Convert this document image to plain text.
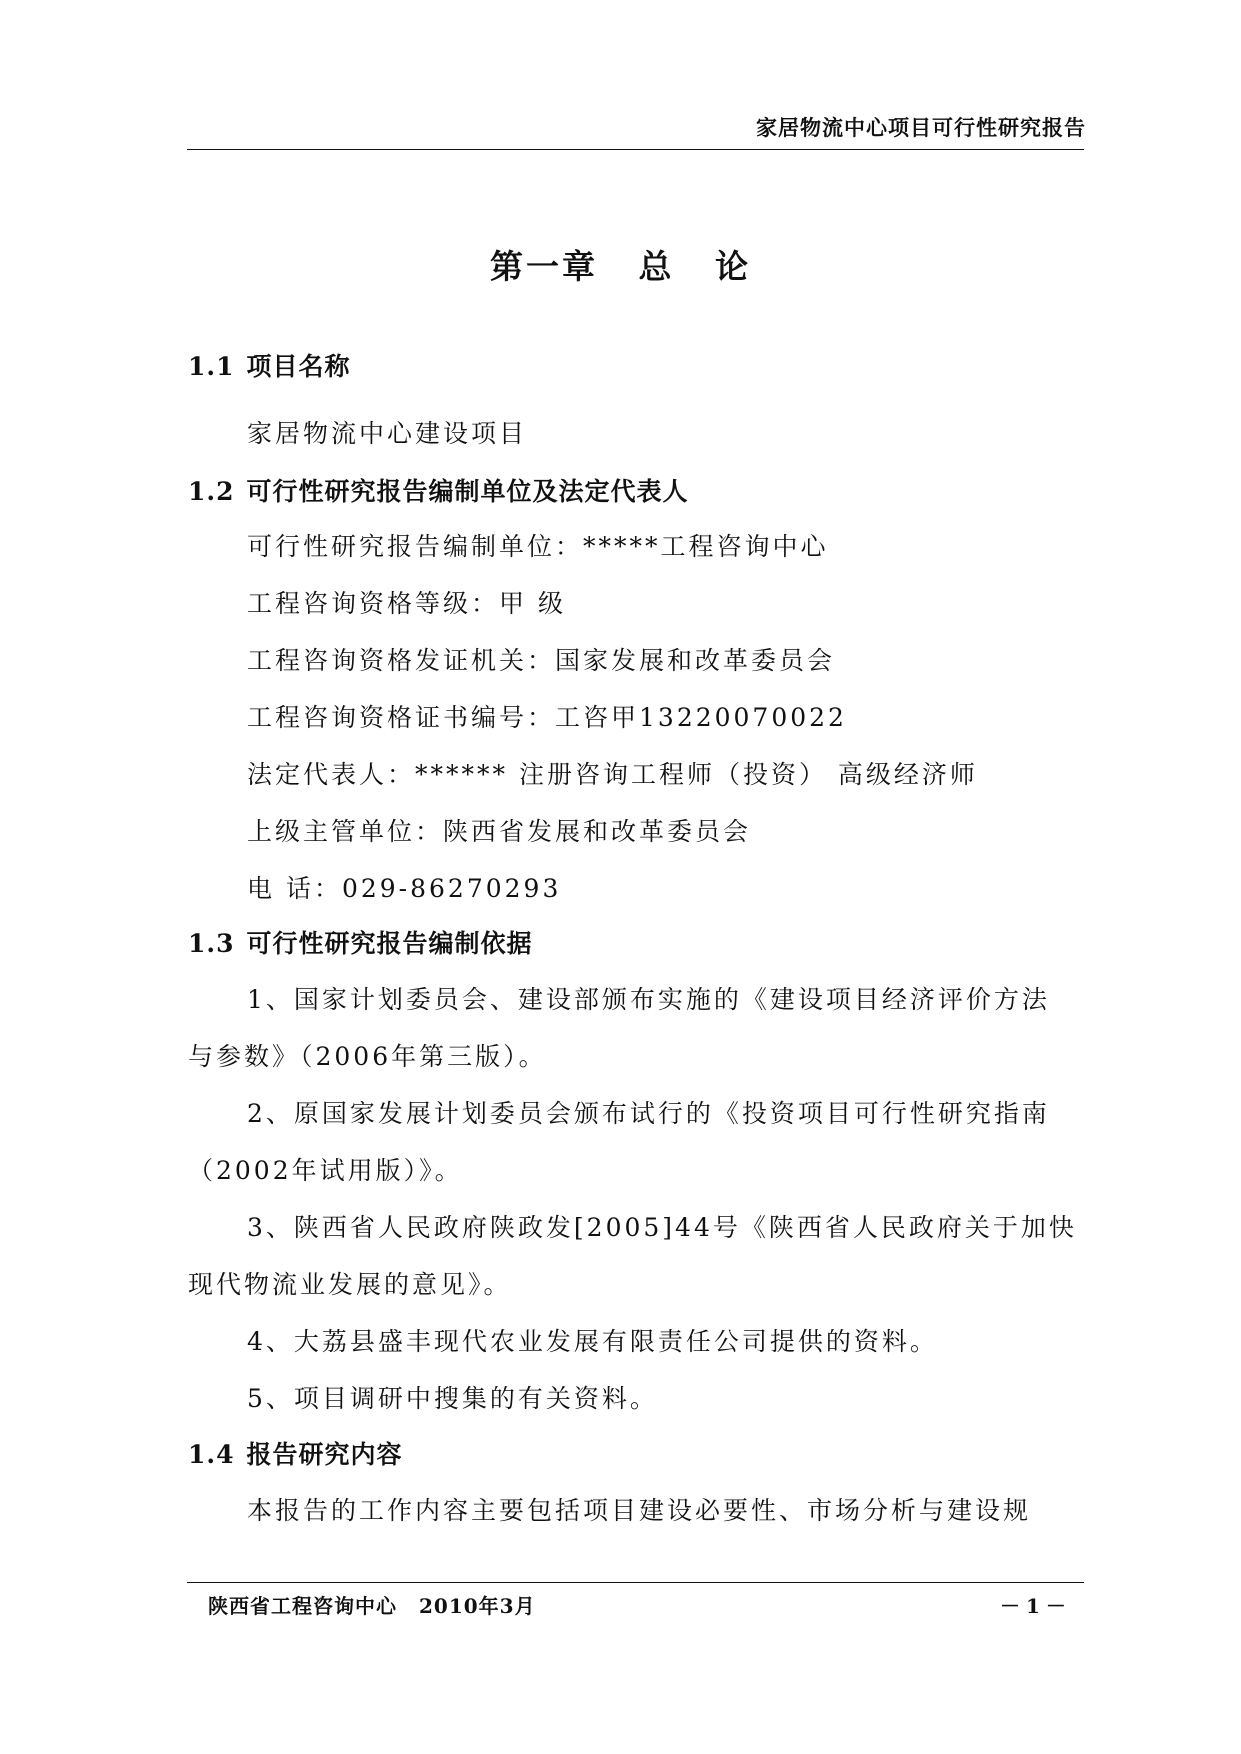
家居物流中心项目可行性研究报告
第一章 总 论
1.1 项目名称
家居物流中心建设项目
1.2 可行性研究报告编制单位及法定代表人
可行性研究报告编制单位：*****工程咨询中心
工程咨询资格等级：甲 级
工程咨询资格发证机关：国家发展和改革委员会
工程咨询资格证书编号：工咨甲13220070022
法定代表人：****** 注册咨询工程师（投资） 高级经济师
上级主管单位：陕西省发展和改革委员会
电 话：029-86270293
1.3 可行性研究报告编制依据
1、国家计划委员会、建设部颁布实施的《建设项目经济评价方法
与参数》（2006年第三版）。
2、原国家发展计划委员会颁布试行的《投资项目可行性研究指南
（2002年试用版）》。
3、陕西省人民政府陕政发[2005]44号《陕西省人民政府关于加快
现代物流业发展的意见》。
4、大荔县盛丰现代农业发展有限责任公司提供的资料。
5、项目调研中搜集的有关资料。
1.4 报告研究内容
本报告的工作内容主要包括项目建设必要性、市场分析与建设规
陕西省工程咨询中心 2010年3月	－1－
